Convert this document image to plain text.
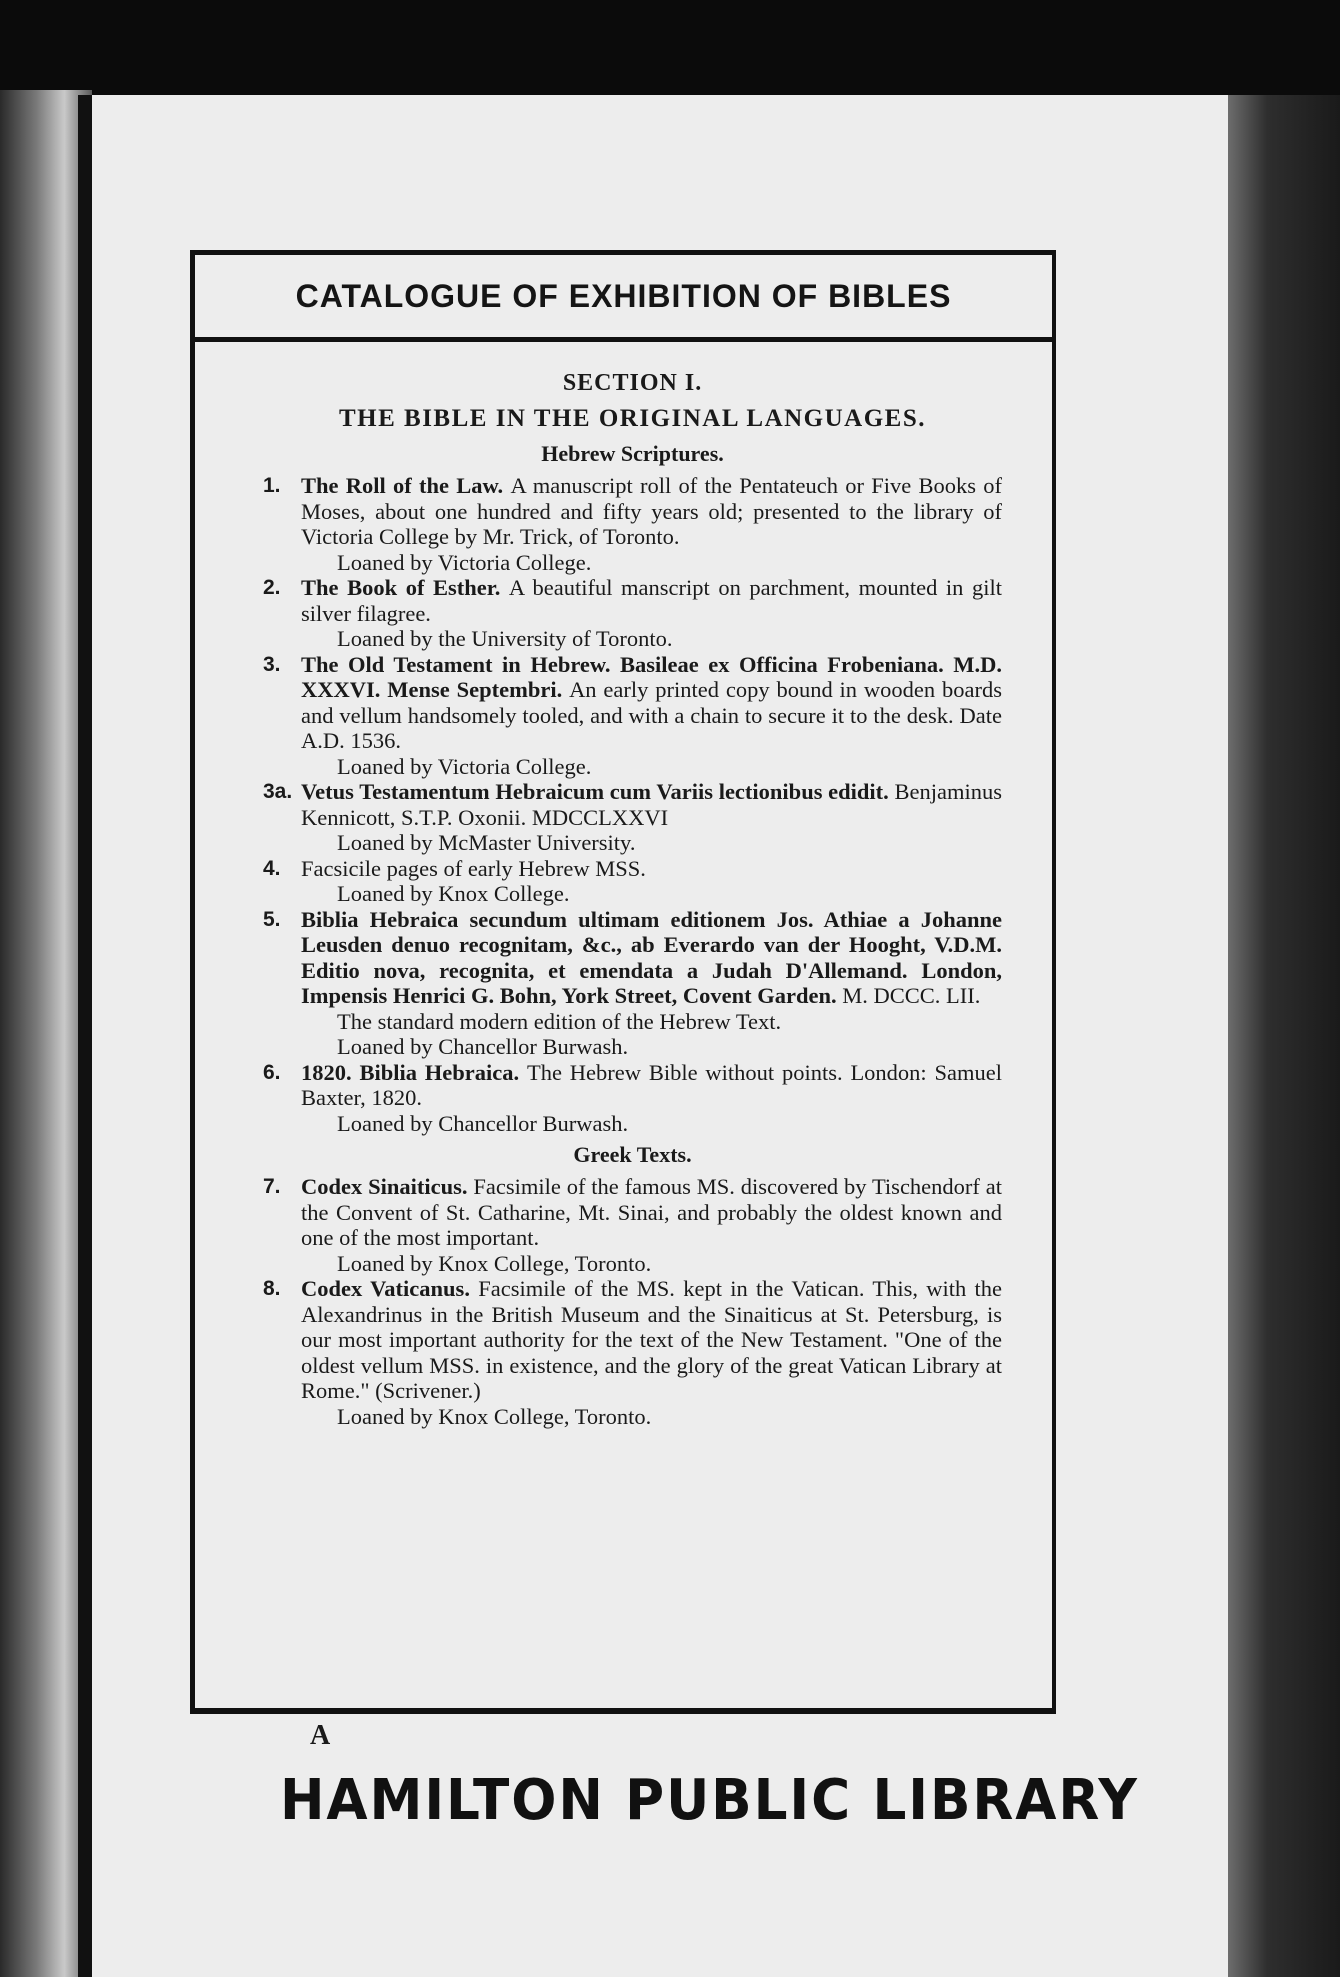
CATALOGUE OF EXHIBITION OF BIBLES
SECTION I.
THE BIBLE IN THE ORIGINAL LANGUAGES.
Hebrew Scriptures.
1. The Roll of the Law. A manuscript roll of the Pentateuch or Five Books of Moses, about one hundred and fifty years old; presented to the library of Victoria College by Mr. Trick, of Toronto.
Loaned by Victoria College.
2. The Book of Esther. A beautiful manscript on parchment, mounted in gilt silver filagree.
Loaned by the University of Toronto.
3. The Old Testament in Hebrew. Basileae ex Officina Frobeniana. M.D. XXXVI. Mense Septembri. An early printed copy bound in wooden boards and vellum handsomely tooled, and with a chain to secure it to the desk. Date A.D. 1536.
Loaned by Victoria College.
3a. Vetus Testamentum Hebraicum cum Variis lectionibus edidit. Benjaminus Kennicott, S.T.P. Oxonii. MDCCLXXVI
Loaned by McMaster University.
4. Facsicile pages of early Hebrew MSS.
Loaned by Knox College.
5. Biblia Hebraica secundum ultimam editionem Jos. Athiae a Johanne Leusden denuo recognitam, &c., ab Everardo van der Hooght, V.D.M. Editio nova, recognita, et emendata a Judah D'Allemand. London, Impensis Henrici G. Bohn, York Street, Covent Garden. M. DCCC. LII.
The standard modern edition of the Hebrew Text.
Loaned by Chancellor Burwash.
6. 1820. Biblia Hebraica. The Hebrew Bible without points. London: Samuel Baxter, 1820.
Loaned by Chancellor Burwash.
Greek Texts.
7. Codex Sinaiticus. Facsimile of the famous MS. discovered by Tischendorf at the Convent of St. Catharine, Mt. Sinai, and probably the oldest known and one of the most important.
Loaned by Knox College, Toronto.
8. Codex Vaticanus. Facsimile of the MS. kept in the Vatican. This, with the Alexandrinus in the British Museum and the Sinaiticus at St. Petersburg, is our most important authority for the text of the New Testament. "One of the oldest vellum MSS. in existence, and the glory of the great Vatican Library at Rome." (Scrivener.)
Loaned by Knox College, Toronto.
A
HAMILTON PUBLIC LIBRARY
